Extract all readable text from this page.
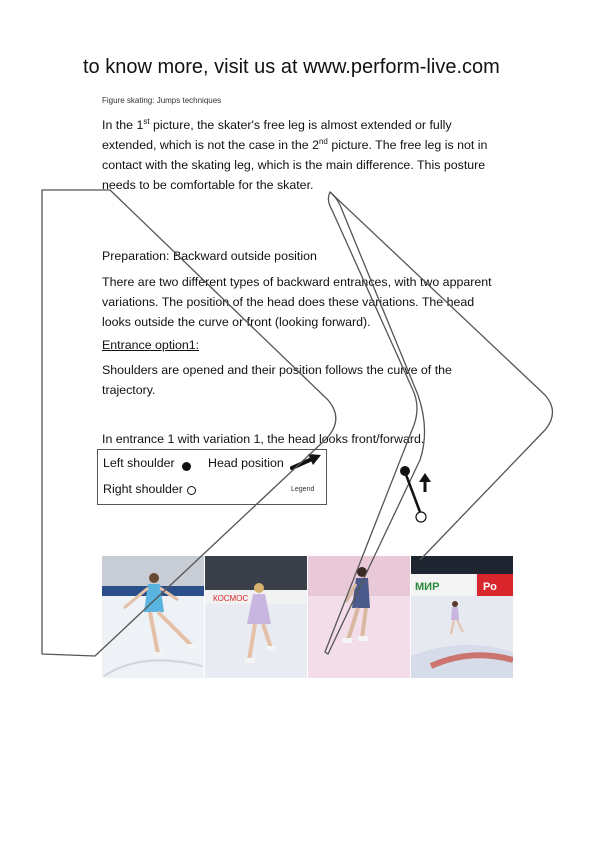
to know more, visit us at www.perform-live.com
Figure skating: Jumps techniques

In the 1st picture, the skater's free leg is almost extended or fully extended, which is not the case in the 2nd picture. The free leg is not in contact with the skating leg, which is the main difference. This posture needs to be comfortable for the skater.

Preparation: Backward outside position

There are two different types of backward entrances, with two apparent variations. The position of the head does these variations. The head looks outside the curve or front (looking forward).

Entrance option1:

Shoulders are opened and their position follows the curve of the trajectory.

In entrance 1 with variation 1, the head looks front/forward.

Left shoulder	Head position
Right shoulder	Legend
КОСМОС
МИР	Ро
